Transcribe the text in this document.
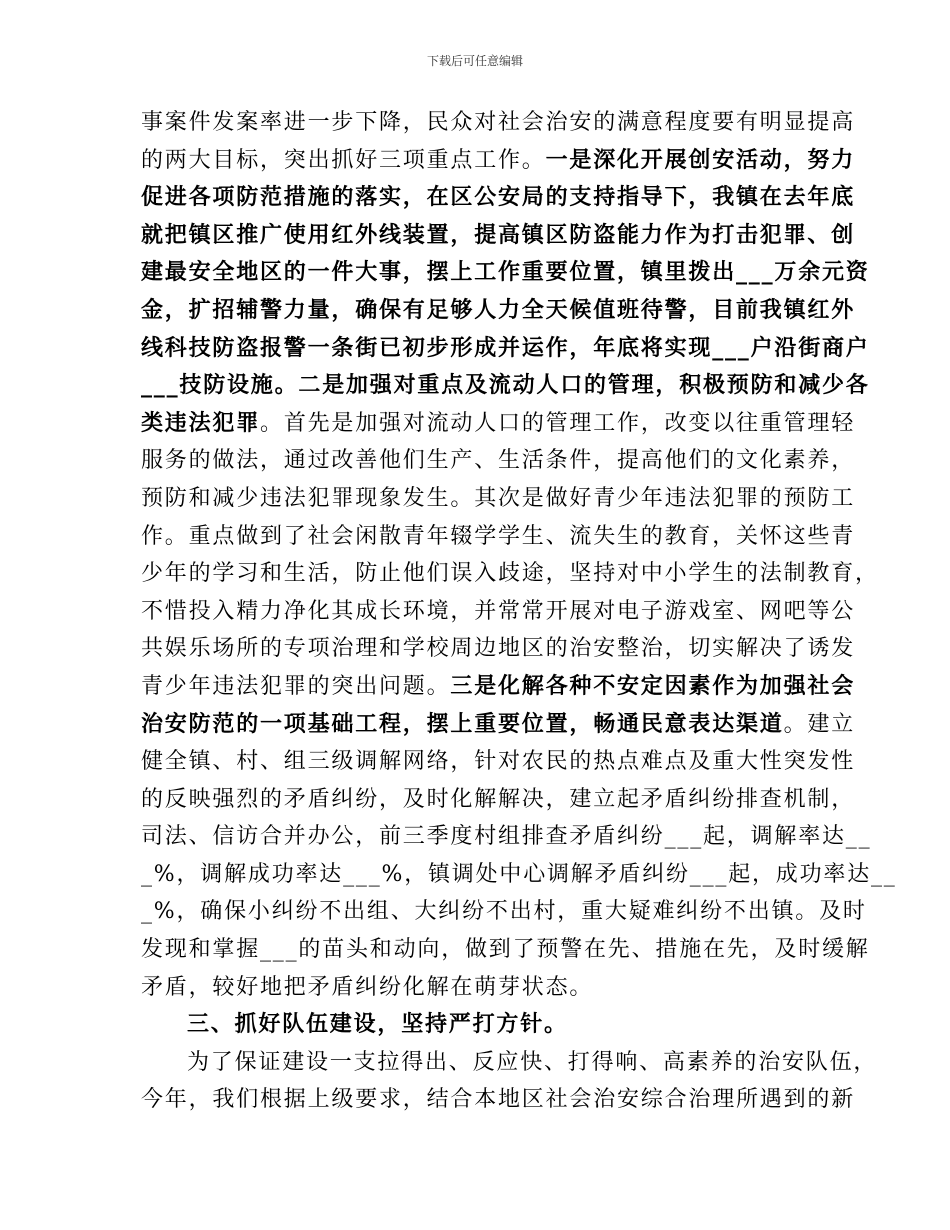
下载后可任意编辑
事案件发案率进一步下降，民众对社会治安的满意程度要有明显提高
的两大目标，突出抓好三项重点工作。一是深化开展创安活动，努力
促进各项防范措施的落实，在区公安局的支持指导下，我镇在去年底
就把镇区推广使用红外线装置，提高镇区防盗能力作为打击犯罪、创
建最安全地区的一件大事，摆上工作重要位置，镇里拨出___万余元资
金，扩招辅警力量，确保有足够人力全天候值班待警，目前我镇红外
线科技防盗报警一条街已初步形成并运作，年底将实现___户沿街商户
___技防设施。二是加强对重点及流动人口的管理，积极预防和减少各
类违法犯罪。首先是加强对流动人口的管理工作，改变以往重管理轻
服务的做法，通过改善他们生产、生活条件，提高他们的文化素养，
预防和减少违法犯罪现象发生。其次是做好青少年违法犯罪的预防工
作。重点做到了社会闲散青年辍学学生、流失生的教育，关怀这些青
少年的学习和生活，防止他们误入歧途，坚持对中小学生的法制教育，
不惜投入精力净化其成长环境，并常常开展对电子游戏室、网吧等公
共娱乐场所的专项治理和学校周边地区的治安整治，切实解决了诱发
青少年违法犯罪的突出问题。三是化解各种不安定因素作为加强社会
治安防范的一项基础工程，摆上重要位置，畅通民意表达渠道。建立
健全镇、村、组三级调解网络，针对农民的热点难点及重大性突发性
的反映强烈的矛盾纠纷，及时化解解决，建立起矛盾纠纷排查机制，
司法、信访合并办公，前三季度村组排查矛盾纠纷___起，调解率达__
_%，调解成功率达___%，镇调处中心调解矛盾纠纷___起，成功率达__
_%，确保小纠纷不出组、大纠纷不出村，重大疑难纠纷不出镇。及时
发现和掌握___的苗头和动向，做到了预警在先、措施在先，及时缓解
矛盾，较好地把矛盾纠纷化解在萌芽状态。
三、抓好队伍建设，坚持严打方针。
为了保证建设一支拉得出、反应快、打得响、高素养的治安队伍，
今年，我们根据上级要求，结合本地区社会治安综合治理所遇到的新
